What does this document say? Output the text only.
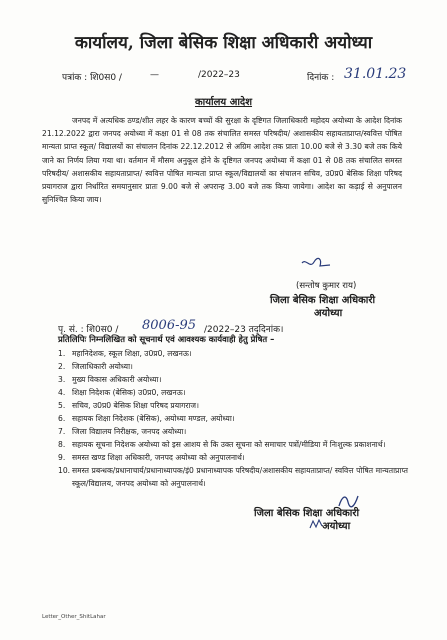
कार्यालय, जिला बेसिक शिक्षा अधिकारी अयोध्या
पत्रांक : शि0स0 /	—	/2022–23	दिनांक : 31.01.23
कार्यालय आदेश
जनपद में अत्यधिक ठण्ड/शीत लहर के कारण बच्चों की सुरक्षा के दृष्टिगत जिलाधिकारी महोदय अयोध्या के आदेश दिनांक 21.12.2022 द्वारा जनपद अयोध्या में कक्षा 01 से 08 तक संचालित समस्त परिषदीय/ अशासकीय सहायताप्राप्त/स्ववित्त पोषित मान्यता प्राप्त स्कूल/ विद्यालयों का संचालन दिनांक 22.12.2012 से अग्रिम आदेश तक प्रातः 10.00 बजे से 3.30 बजे तक किये जाने का निर्णय लिया गया था। वर्तमान में मौसम अनुकूल होने के दृष्टिगत जनपद अयोध्या में कक्षा 01 से 08 तक संचालित समस्त परिषदीय/ अशासकीय सहायताप्राप्त/ स्ववित्त पोषित मान्यता प्राप्त स्कूल/विद्यालयों का संचालन सचिव, उ0प्र0 बेसिक शिक्षा परिषद प्रयागराज द्वारा निर्धारित समयानुसार प्रातः 9.00 बजे से अपरान्ह 3.00 बजे तक किया जायेगा। आदेश का कड़ाई से अनुपालन सुनिश्चित किया जाय।
(सन्तोष कुमार राय)
जिला बेसिक शिक्षा अधिकारी
अयोध्या
पृ. सं. : शि0स0 / 8006-95 /2022–23 तद्‌दिनांक।
प्रतिलिपिः निम्नलिखित को सूचनार्थ एवं आवश्यक कार्यवाही हेतु प्रेषित –
1. महानिदेशक, स्कूल शिक्षा, उ0प्र0, लखनऊ।
2. जिलाधिकारी अयोध्या।
3. मुख्य विकास अधिकारी अयोध्या।
4. शिक्षा निदेशक (बेसिक) उ0प्र0, लखनऊ।
5. सचिव, उ0प्र0 बेसिक शिक्षा परिषद प्रयागराज।
6. सहायक शिक्षा निदेशक (बेसिक), अयोध्या मण्डल, अयोध्या।
7. जिला विद्यालय निरीक्षक, जनपद अयोध्या।
8. सहायक सूचना निदेशक अयोध्या को इस आशय से कि उक्त सूचना को समाचार पत्रों/मीडिया में निःशुल्क प्रकाशनार्थ।
9. समस्त खण्ड शिक्षा अधिकारी, जनपद अयोध्या को अनुपालनार्थ।
10. समस्त प्रबन्धक/प्रधानाचार्य/प्रधानाध्यापक/इं0 प्रधानाध्यापक परिषदीय/अशासकीय सहायताप्राप्त/ स्ववित्त पोषित मान्यताप्राप्त स्कूल/विद्यालय, जनपद अयोध्या को अनुपालनार्थ।
जिला बेसिक शिक्षा अधिकारी
अयोध्या
Letter_Other_ShitLahar
